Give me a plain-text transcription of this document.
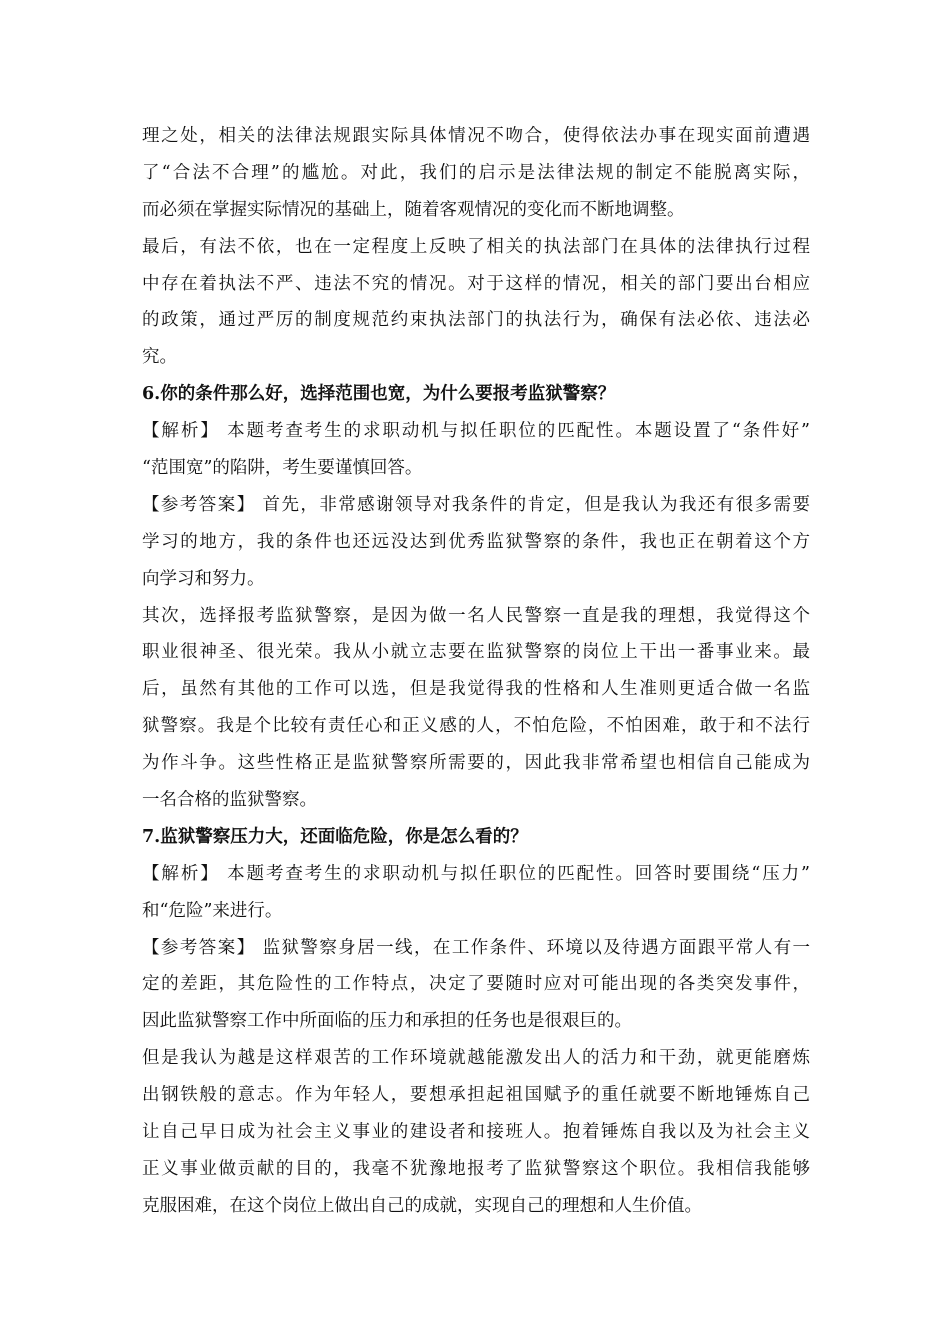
理之处，相关的法律法规跟实际具体情况不吻合，使得依法办事在现实面前遭遇
了“合法不合理”的尴尬。对此，我们的启示是法律法规的制定不能脱离实际，
而必须在掌握实际情况的基础上，随着客观情况的变化而不断地调整。
最后，有法不依，也在一定程度上反映了相关的执法部门在具体的法律执行过程
中存在着执法不严、违法不究的情况。对于这样的情况，相关的部门要出台相应
的政策，通过严厉的制度规范约束执法部门的执法行为，确保有法必依、违法必
究。
6.你的条件那么好，选择范围也宽，为什么要报考监狱警察？
【解析】 本题考查考生的求职动机与拟任职位的匹配性。本题设置了“条件好”
“范围宽”的陷阱，考生要谨慎回答。
【参考答案】 首先，非常感谢领导对我条件的肯定，但是我认为我还有很多需要
学习的地方，我的条件也还远没达到优秀监狱警察的条件，我也正在朝着这个方
向学习和努力。
其次，选择报考监狱警察，是因为做一名人民警察一直是我的理想，我觉得这个
职业很神圣、很光荣。我从小就立志要在监狱警察的岗位上干出一番事业来。最
后，虽然有其他的工作可以选，但是我觉得我的性格和人生准则更适合做一名监
狱警察。我是个比较有责任心和正义感的人，不怕危险，不怕困难，敢于和不法行
为作斗争。这些性格正是监狱警察所需要的，因此我非常希望也相信自己能成为
一名合格的监狱警察。
7.监狱警察压力大，还面临危险，你是怎么看的？
【解析】 本题考查考生的求职动机与拟任职位的匹配性。回答时要围绕“压力”
和“危险”来进行。
【参考答案】 监狱警察身居一线，在工作条件、环境以及待遇方面跟平常人有一
定的差距，其危险性的工作特点，决定了要随时应对可能出现的各类突发事件，
因此监狱警察工作中所面临的压力和承担的任务也是很艰巨的。
但是我认为越是这样艰苦的工作环境就越能激发出人的活力和干劲，就更能磨炼
出钢铁般的意志。作为年轻人，要想承担起祖国赋予的重任就要不断地锤炼自己
让自己早日成为社会主义事业的建设者和接班人。抱着锤炼自我以及为社会主义
正义事业做贡献的目的，我毫不犹豫地报考了监狱警察这个职位。我相信我能够
克服困难，在这个岗位上做出自己的成就，实现自己的理想和人生价值。
